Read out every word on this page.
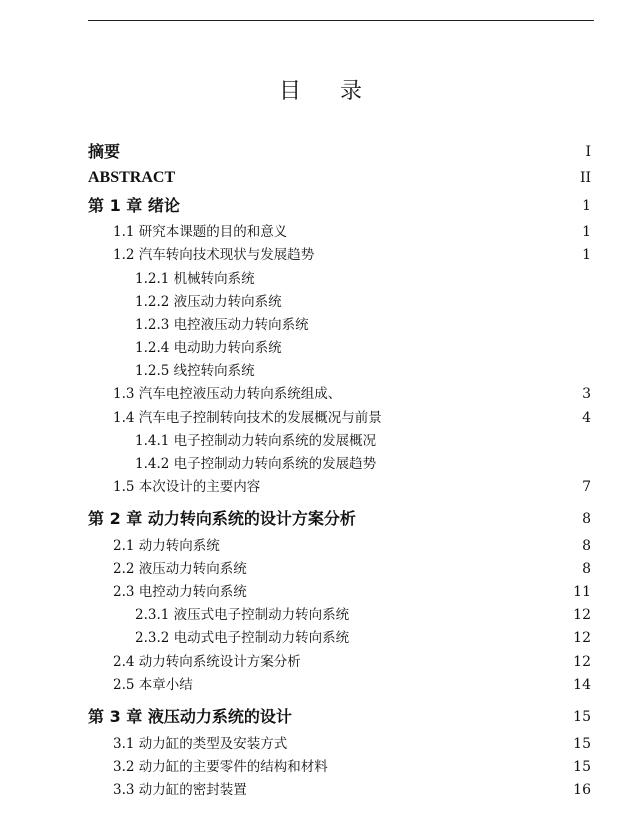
目 录
摘要	I
ABSTRACT	II
第 1 章 绪论	1
1.1 研究本课题的目的和意义	1
1.2 汽车转向技术现状与发展趋势	1
1.2.1 机械转向系统
1.2.2 液压动力转向系统
1.2.3 电控液压动力转向系统
1.2.4 电动助力转向系统
1.2.5 线控转向系统
1.3 汽车电控液压动力转向系统组成、	3
1.4 汽车电子控制转向技术的发展概况与前景	4
1.4.1 电子控制动力转向系统的发展概况
1.4.2 电子控制动力转向系统的发展趋势
1.5 本次设计的主要内容	7
第 2 章 动力转向系统的设计方案分析	8
2.1 动力转向系统	8
2.2 液压动力转向系统	8
2.3 电控动力转向系统	11
2.3.1 液压式电子控制动力转向系统	12
2.3.2 电动式电子控制动力转向系统	12
2.4 动力转向系统设计方案分析	12
2.5 本章小结	14
第 3 章 液压动力系统的设计	15
3.1 动力缸的类型及安装方式	15
3.2 动力缸的主要零件的结构和材料	15
3.3 动力缸的密封装置	16
